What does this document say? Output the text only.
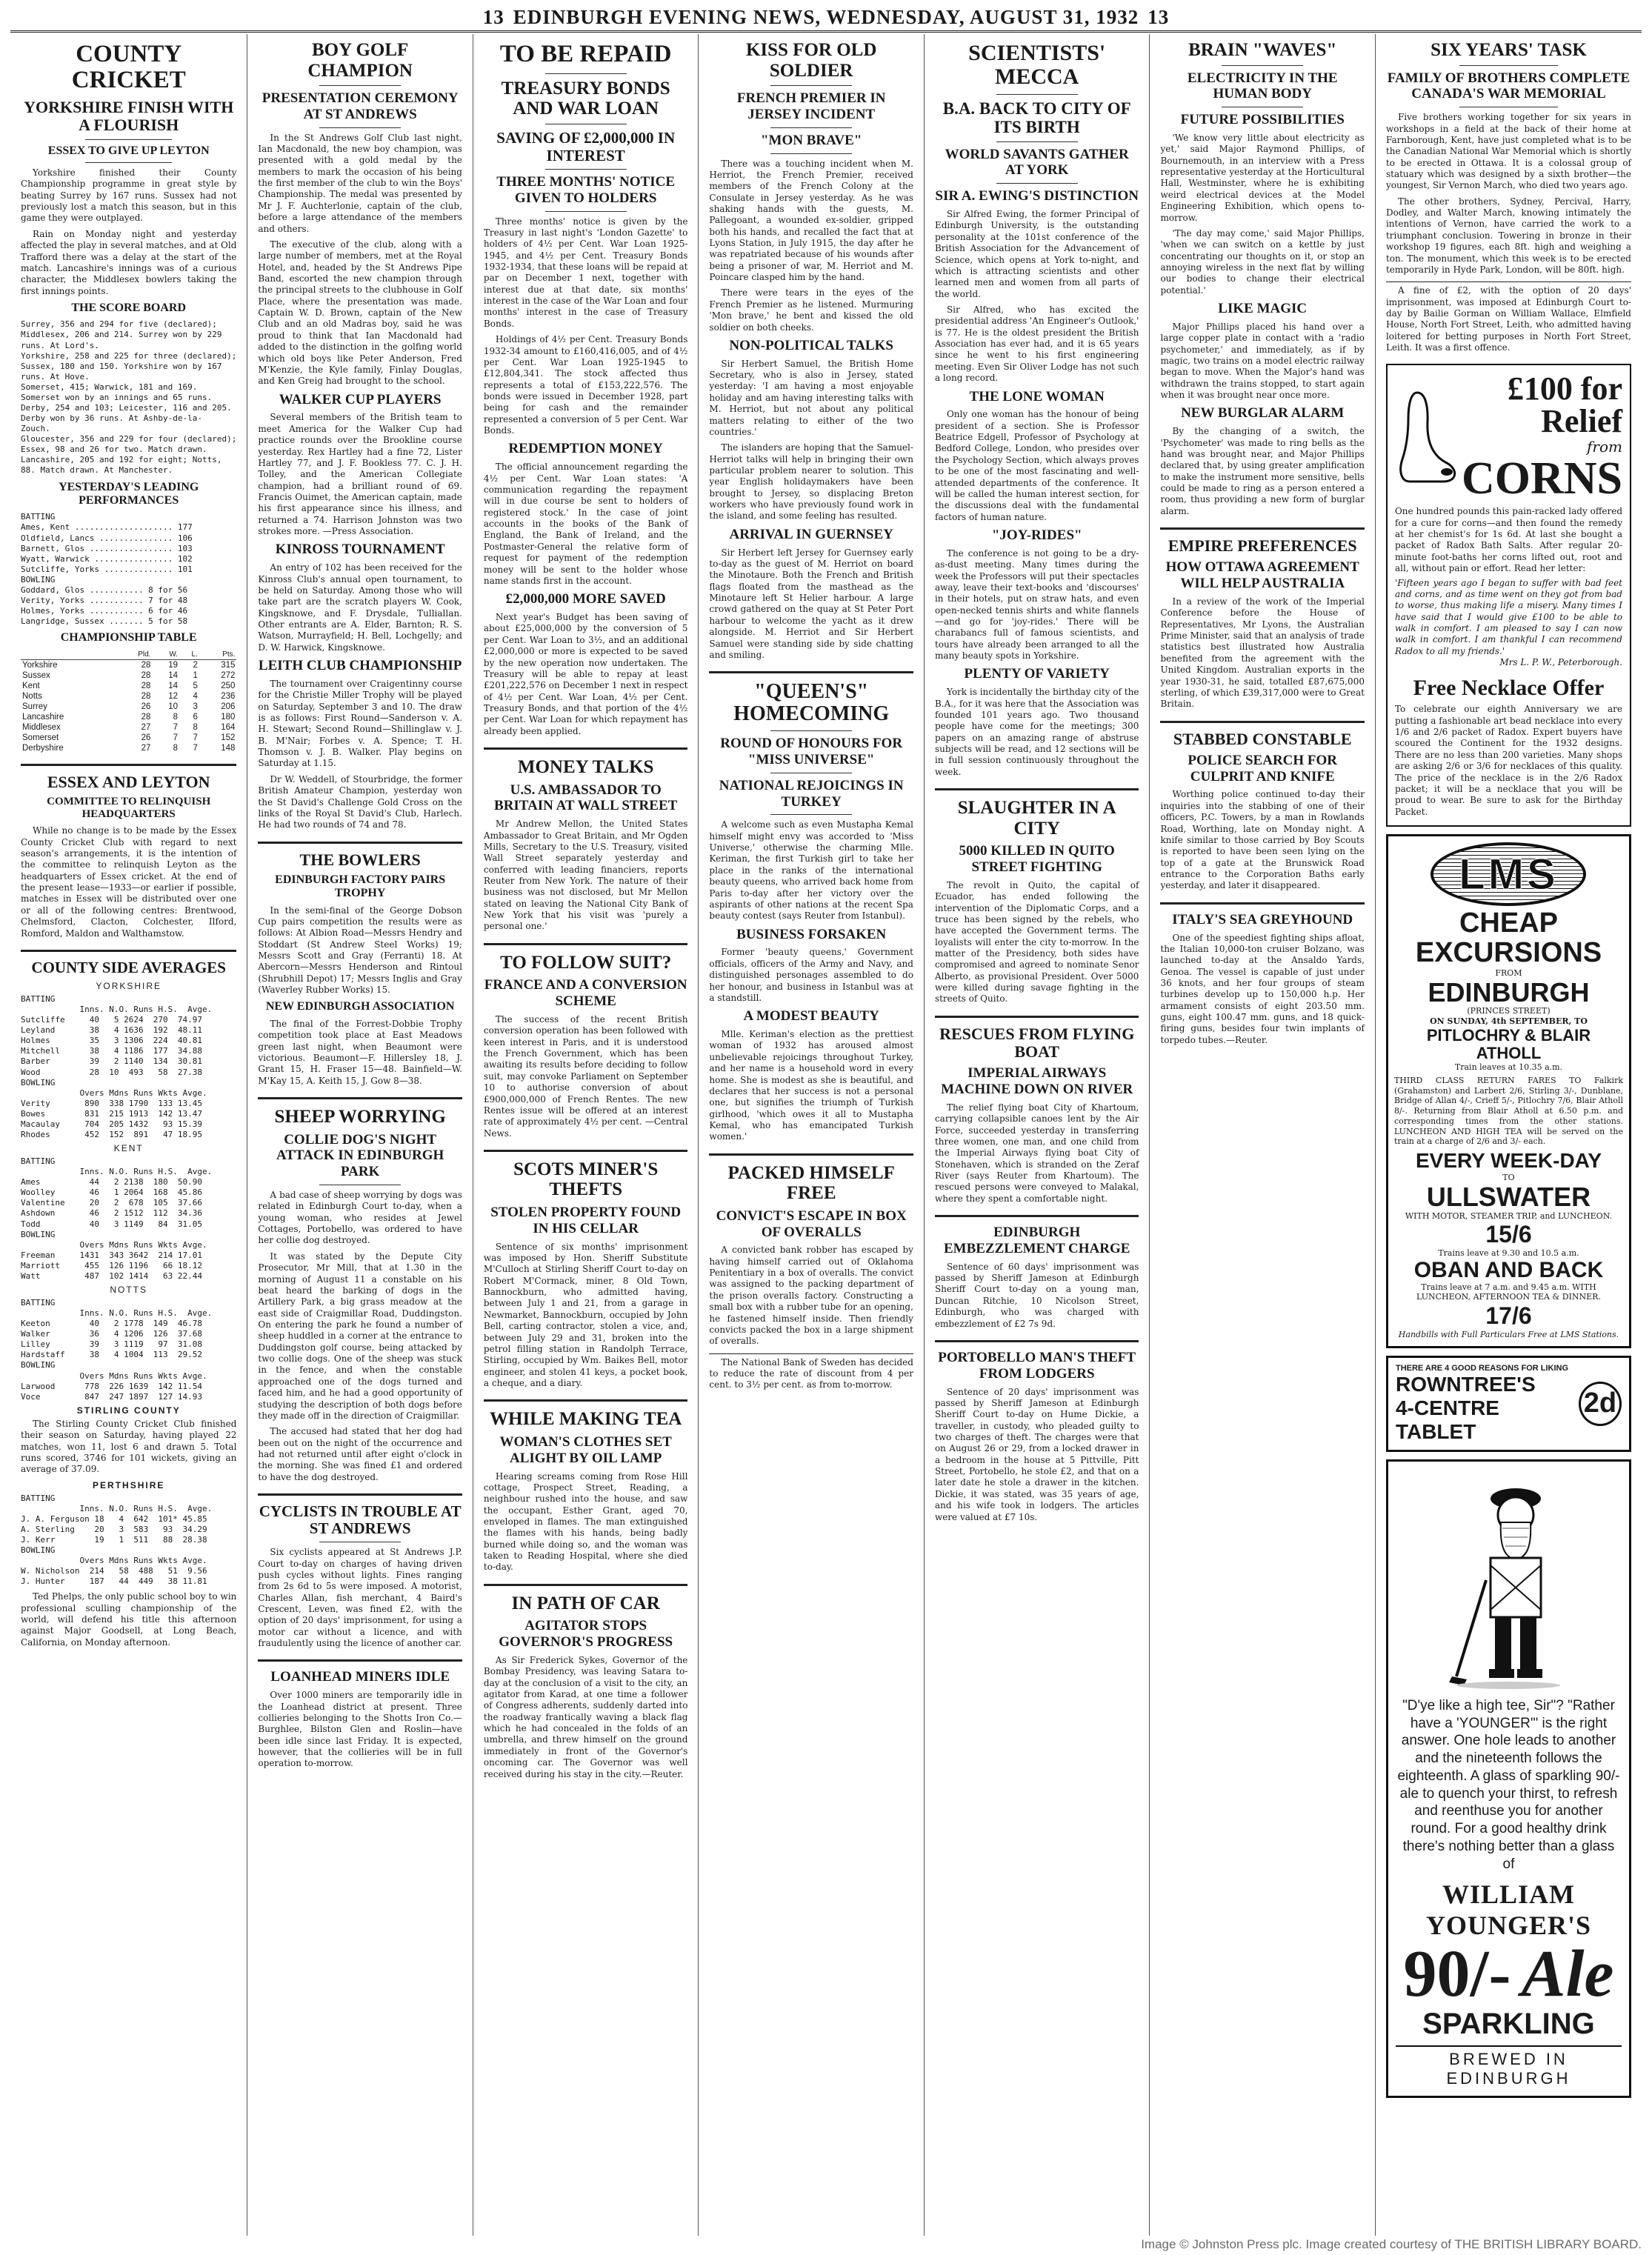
13 EDINBURGH EVENING NEWS, WEDNESDAY, AUGUST 31, 1932 13
COUNTY CRICKET
YORKSHIRE FINISH WITH A FLOURISH
ESSEX TO GIVE UP LEYTON

Yorkshire finished their County Championship programme in great style by beating Surrey by 167 runs. Sussex had not previously lost a match this season, but in this game they were outplayed.

Rain on Monday night and yesterday affected the play in several matches, and at Old Trafford there was a delay at the start of the match. Lancashire's innings was of a curious character, the Middlesex bowlers taking the first innings points.

THE SCORE BOARD
Surrey, 356 and 294 for five (declared);
Middlesex, 206 and 214. Surrey won by 229
runs. At Lord's.
Yorkshire, 258 and 225 for three (declared);
Sussex, 180 and 150. Yorkshire won by 167
runs. At Hove.
Somerset, 415; Warwick, 181 and 169.
Somerset won by an innings and 65 runs.
Derby, 254 and 103; Leicester, 116 and 205.
Derby won by 36 runs. At Ashby-de-la-
Zouch.
Gloucester, 356 and 229 for four (declared);
Essex, 98 and 26 for two. Match drawn.
Lancashire, 205 and 192 for eight; Notts,
88. Match drawn. At Manchester.
YESTERDAY'S LEADING PERFORMANCES
BATTING
Ames, Kent .................... 177
Oldfield, Lancs ............... 106
Barnett, Glos ................. 103
Wyatt, Warwick ................ 102
Sutcliffe, Yorks .............. 101
BOWLING
Goddard, Glos ........... 8 for 56
Verity, Yorks ........... 7 for 48
Holmes, Yorks ........... 6 for 46
Langridge, Sussex ....... 5 for 58
CHAMPIONSHIP TABLE
	Pld.	W.	L.	Pts.
Yorkshire	28	19	2	315
Sussex	28	14	1	272
Kent	28	14	5	250
Notts	28	12	4	236
Surrey	26	10	3	206
Lancashire	28	8	6	180
Middlesex	27	7	8	164
Somerset	26	7	7	152
Derbyshire	27	8	7	148
ESSEX AND LEYTON
COMMITTEE TO RELINQUISH HEADQUARTERS

While no change is to be made by the Essex County Cricket Club with regard to next season's arrangements, it is the intention of the committee to relinquish Leyton as the headquarters of Essex cricket. At the end of the present lease—1933—or earlier if possible, matches in Essex will be distributed over one or all of the following centres: Brentwood, Chelmsford, Clacton, Colchester, Ilford, Romford, Maldon and Walthamstow.

COUNTY SIDE AVERAGES
YORKSHIRE
BATTING
Inns. N.O. Runs H.S.  Avge.
Sutcliffe     40   5 2624  270  74.97
Leyland       38   4 1636  192  48.11
Holmes        35   3 1306  224  40.81
Mitchell      38   4 1186  177  34.88
Barber        39   2 1140  134  30.81
Wood          28  10  493   58  27.38
BOWLING
Overs Mdns Runs Wkts Avge.
Verity       890  338 1790  133 13.45
Bowes        831  215 1913  142 13.47
Macaulay     704  205 1432   93 15.39
Rhodes       452  152  891   47 18.95
KENT
BATTING
Inns. N.O. Runs H.S.  Avge.
Ames          44   2 2138  180  50.90
Woolley       46   1 2064  168  45.86
Valentine     20   2  678  105  37.66
Ashdown       46   2 1512  112  34.36
Todd          40   3 1149   84  31.05
BOWLING
Overs Mdns Runs Wkts Avge.
Freeman     1431  343 3642  214 17.01
Marriott     455  126 1196   66 18.12
Watt         487  102 1414   63 22.44
NOTTS
BATTING
Inns. N.O. Runs H.S.  Avge.
Keeton        40   2 1778  149  46.78
Walker        36   4 1206  126  37.68
Lilley        39   3 1119   97  31.08
Hardstaff     38   4 1004  113  29.52
BOWLING
Overs Mdns Runs Wkts Avge.
Larwood      778  226 1639  142 11.54
Voce         847  247 1897  127 14.93
STIRLING COUNTY

The Stirling County Cricket Club finished their season on Saturday, having played 22 matches, won 11, lost 6 and drawn 5. Total runs scored, 3746 for 101 wickets, giving an average of 37.09.

PERTHSHIRE
BATTING
Inns. N.O. Runs H.S.  Avge.
J. A. Ferguson 18   4  642  101* 45.85
A. Sterling    20   3  583   93  34.29
J. Kerr        19   1  511   88  28.38
BOWLING
Overs Mdns Runs Wkts Avge.
W. Nicholson  214   58  488   51  9.56
J. Hunter     187   44  449   38 11.81

Ted Phelps, the only public school boy to win professional sculling championship of the world, will defend his title this afternoon against Major Goodsell, at Long Beach, California, on Monday afternoon.

BOY GOLF CHAMPION
PRESENTATION CEREMONY AT ST ANDREWS

In the St Andrews Golf Club last night, Ian Macdonald, the new boy champion, was presented with a gold medal by the members to mark the occasion of his being the first member of the club to win the Boys' Championship. The medal was presented by Mr J. F. Auchterlonie, captain of the club, before a large attendance of the members and others.

The executive of the club, along with a large number of members, met at the Royal Hotel, and, headed by the St Andrews Pipe Band, escorted the new champion through the principal streets to the clubhouse in Golf Place, where the presentation was made. Captain W. D. Brown, captain of the New Club and an old Madras boy, said he was proud to think that Ian Macdonald had added to the distinction in the golfing world which old boys like Peter Anderson, Fred M'Kenzie, the Kyle family, Finlay Douglas, and Ken Greig had brought to the school.

WALKER CUP PLAYERS

Several members of the British team to meet America for the Walker Cup had practice rounds over the Brookline course yesterday. Rex Hartley had a fine 72, Lister Hartley 77, and J. F. Bookless 77. C. J. H. Tolley, and the American Collegiate champion, had a brilliant round of 69. Francis Ouimet, the American captain, made his first appearance since his illness, and returned a 74. Harrison Johnston was two strokes more. —Press Association.

KINROSS TOURNAMENT

An entry of 102 has been received for the Kinross Club's annual open tournament, to be held on Saturday. Among those who will take part are the scratch players W. Cook, Kingsknowe, and F. Drysdale, Tulliallan. Other entrants are A. Elder, Barnton; R. S. Watson, Murrayfield; H. Bell, Lochgelly; and D. W. Harwick, Kingsknowe.

LEITH CLUB CHAMPIONSHIP

The tournament over Craigentinny course for the Christie Miller Trophy will be played on Saturday, September 3 and 10. The draw is as follows: First Round—Sanderson v. A. H. Stewart; Second Round—Shillinglaw v. J. B. M'Nair; Forbes v. A. Spence; T. H. Thomson v. J. B. Walker. Play begins on Saturday at 1.15.

Dr W. Weddell, of Stourbridge, the former British Amateur Champion, yesterday won the St David's Challenge Gold Cross on the links of the Royal St David's Club, Harlech. He had two rounds of 74 and 78.

THE BOWLERS
EDINBURGH FACTORY PAIRS TROPHY

In the semi-final of the George Dobson Cup pairs competition the results were as follows: At Albion Road—Messrs Hendry and Stoddart (St Andrew Steel Works) 19; Messrs Scott and Gray (Ferranti) 18. At Abercorn—Messrs Henderson and Rintoul (Shrubhill Depot) 17; Messrs Inglis and Gray (Waverley Rubber Works) 15.

NEW EDINBURGH ASSOCIATION

The final of the Forrest-Dobbie Trophy competition took place at East Meadows green last night, when Beaumont were victorious. Beaumont—F. Hillersley 18, J. Grant 15, H. Fraser 15—48. Bainfield—W. M'Kay 15, A. Keith 15, J. Gow 8—38.

SHEEP WORRYING
COLLIE DOG'S NIGHT ATTACK IN EDINBURGH PARK

A bad case of sheep worrying by dogs was related in Edinburgh Court to-day, when a young woman, who resides at Jewel Cottages, Portobello, was ordered to have her collie dog destroyed.

It was stated by the Depute City Prosecutor, Mr Mill, that at 1.30 in the morning of August 11 a constable on his beat heard the barking of dogs in the Artillery Park, a big grass meadow at the east side of Craigmillar Road, Duddingston. On entering the park he found a number of sheep huddled in a corner at the entrance to Duddingston golf course, being attacked by two collie dogs. One of the sheep was stuck in the fence, and when the constable approached one of the dogs turned and faced him, and he had a good opportunity of studying the description of both dogs before they made off in the direction of Craigmillar.

The accused had stated that her dog had been out on the night of the occurrence and had not returned until after eight o'clock in the morning. She was fined £1 and ordered to have the dog destroyed.

CYCLISTS IN TROUBLE AT ST ANDREWS

Six cyclists appeared at St Andrews J.P. Court to-day on charges of having driven push cycles without lights. Fines ranging from 2s 6d to 5s were imposed. A motorist, Charles Allan, fish merchant, 4 Baird's Crescent, Leven, was fined £2, with the option of 20 days' imprisonment, for using a motor car without a licence, and with fraudulently using the licence of another car.

LOANHEAD MINERS IDLE

Over 1000 miners are temporarily idle in the Loanhead district at present. Three collieries belonging to the Shotts Iron Co.—Burghlee, Bilston Glen and Roslin—have been idle since last Friday. It is expected, however, that the collieries will be in full operation to-morrow.

TO BE REPAID
TREASURY BONDS AND WAR LOAN
SAVING OF £2,000,000 IN INTEREST
THREE MONTHS' NOTICE GIVEN TO HOLDERS

Three months' notice is given by the Treasury in last night's 'London Gazette' to holders of 4½ per Cent. War Loan 1925-1945, and 4½ per Cent. Treasury Bonds 1932-1934, that these loans will be repaid at par on December 1 next, together with interest due at that date, six months' interest in the case of the War Loan and four months' interest in the case of Treasury Bonds.

Holdings of 4½ per Cent. Treasury Bonds 1932-34 amount to £160,416,005, and of 4½ per Cent. War Loan 1925-1945 to £12,804,341. The stock affected thus represents a total of £153,222,576. The bonds were issued in December 1928, part being for cash and the remainder represented a conversion of 5 per Cent. War Bonds.

REDEMPTION MONEY

The official announcement regarding the 4½ per Cent. War Loan states: 'A communication regarding the repayment will in due course be sent to holders of registered stock.' In the case of joint accounts in the books of the Bank of England, the Bank of Ireland, and the Postmaster-General the relative form of request for payment of the redemption money will be sent to the holder whose name stands first in the account.

£2,000,000 MORE SAVED

Next year's Budget has been saving of about £25,000,000 by the conversion of 5 per Cent. War Loan to 3½, and an additional £2,000,000 or more is expected to be saved by the new operation now undertaken. The Treasury will be able to repay at least £201,222,576 on December 1 next in respect of 4½ per Cent. War Loan, 4½ per Cent. Treasury Bonds, and that portion of the 4½ per Cent. War Loan for which repayment has already been applied.

MONEY TALKS
U.S. AMBASSADOR TO BRITAIN AT WALL STREET

Mr Andrew Mellon, the United States Ambassador to Great Britain, and Mr Ogden Mills, Secretary to the U.S. Treasury, visited Wall Street separately yesterday and conferred with leading financiers, reports Reuter from New York. The nature of their business was not disclosed, but Mr Mellon stated on leaving the National City Bank of New York that his visit was 'purely a personal one.'

TO FOLLOW SUIT?
FRANCE AND A CONVERSION SCHEME

The success of the recent British conversion operation has been followed with keen interest in Paris, and it is understood the French Government, which has been awaiting its results before deciding to follow suit, may convoke Parliament on September 10 to authorise conversion of about £900,000,000 of French Rentes. The new Rentes issue will be offered at an interest rate of approximately 4½ per cent. —Central News.

SCOTS MINER'S THEFTS
STOLEN PROPERTY FOUND IN HIS CELLAR

Sentence of six months' imprisonment was imposed by Hon. Sheriff Substitute M'Culloch at Stirling Sheriff Court to-day on Robert M'Cormack, miner, 8 Old Town, Bannockburn, who admitted having, between July 1 and 21, from a garage in Newmarket, Bannockburn, occupied by John Bell, carting contractor, stolen a vice, and, between July 29 and 31, broken into the petrol filling station in Randolph Terrace, Stirling, occupied by Wm. Baikes Bell, motor engineer, and stolen 41 keys, a pocket book, a cheque, and a diary.

WHILE MAKING TEA
WOMAN'S CLOTHES SET ALIGHT BY OIL LAMP

Hearing screams coming from Rose Hill cottage, Prospect Street, Reading, a neighbour rushed into the house, and saw the occupant, Esther Grant, aged 70, enveloped in flames. The man extinguished the flames with his hands, being badly burned while doing so, and the woman was taken to Reading Hospital, where she died to-day.

IN PATH OF CAR
AGITATOR STOPS GOVERNOR'S PROGRESS

As Sir Frederick Sykes, Governor of the Bombay Presidency, was leaving Satara to-day at the conclusion of a visit to the city, an agitator from Karad, at one time a follower of Congress adherents, suddenly darted into the roadway frantically waving a black flag which he had concealed in the folds of an umbrella, and threw himself on the ground immediately in front of the Governor's oncoming car. The Governor was well received during his stay in the city.—Reuter.

KISS FOR OLD SOLDIER
FRENCH PREMIER IN JERSEY INCIDENT
"MON BRAVE"

There was a touching incident when M. Herriot, the French Premier, received members of the French Colony at the Consulate in Jersey yesterday. As he was shaking hands with the guests, M. Pallegoant, a wounded ex-soldier, gripped both his hands, and recalled the fact that at Lyons Station, in July 1915, the day after he was repatriated because of his wounds after being a prisoner of war, M. Herriot and M. Poincare clasped him by the hand.

There were tears in the eyes of the French Premier as he listened. Murmuring 'Mon brave,' he bent and kissed the old soldier on both cheeks.

NON-POLITICAL TALKS

Sir Herbert Samuel, the British Home Secretary, who is also in Jersey, stated yesterday: 'I am having a most enjoyable holiday and am having interesting talks with M. Herriot, but not about any political matters relating to either of the two countries.'

The islanders are hoping that the Samuel-Herriot talks will help in bringing their own particular problem nearer to solution. This year English holidaymakers have been brought to Jersey, so displacing Breton workers who have previously found work in the island, and some feeling has resulted.

ARRIVAL IN GUERNSEY

Sir Herbert left Jersey for Guernsey early to-day as the guest of M. Herriot on board the Minotaure. Both the French and British flags floated from the masthead as the Minotaure left St Helier harbour. A large crowd gathered on the quay at St Peter Port harbour to welcome the yacht as it drew alongside. M. Herriot and Sir Herbert Samuel were standing side by side chatting and smiling.

"QUEEN'S" HOMECOMING
ROUND OF HONOURS FOR "MISS UNIVERSE"
NATIONAL REJOICINGS IN TURKEY

A welcome such as even Mustapha Kemal himself might envy was accorded to 'Miss Universe,' otherwise the charming Mlle. Keriman, the first Turkish girl to take her place in the ranks of the international beauty queens, who arrived back home from Paris to-day after her victory over the aspirants of other nations at the recent Spa beauty contest (says Reuter from Istanbul).

BUSINESS FORSAKEN

Former 'beauty queens,' Government officials, officers of the Army and Navy, and distinguished personages assembled to do her honour, and business in Istanbul was at a standstill.

A MODEST BEAUTY

Mlle. Keriman's election as the prettiest woman of 1932 has aroused almost unbelievable rejoicings throughout Turkey, and her name is a household word in every home. She is modest as she is beautiful, and declares that her success is not a personal one, but signifies the triumph of Turkish girlhood, 'which owes it all to Mustapha Kemal, who has emancipated Turkish women.'

PACKED HIMSELF FREE
CONVICT'S ESCAPE IN BOX OF OVERALLS

A convicted bank robber has escaped by having himself carried out of Oklahoma Penitentiary in a box of overalls. The convict was assigned to the packing department of the prison overalls factory. Constructing a small box with a rubber tube for an opening, he fastened himself inside. Then friendly convicts packed the box in a large shipment of overalls.

The National Bank of Sweden has decided to reduce the rate of discount from 4 per cent. to 3½ per cent. as from to-morrow.

SCIENTISTS' MECCA
B.A. BACK TO CITY OF ITS BIRTH
WORLD SAVANTS GATHER AT YORK
SIR A. EWING'S DISTINCTION

Sir Alfred Ewing, the former Principal of Edinburgh University, is the outstanding personality at the 101st conference of the British Association for the Advancement of Science, which opens at York to-night, and which is attracting scientists and other learned men and women from all parts of the world.

Sir Alfred, who has excited the presidential address 'An Engineer's Outlook,' is 77. He is the oldest president the British Association has ever had, and it is 65 years since he went to his first engineering meeting. Even Sir Oliver Lodge has not such a long record.

THE LONE WOMAN

Only one woman has the honour of being president of a section. She is Professor Beatrice Edgell, Professor of Psychology at Bedford College, London, who presides over the Psychology Section, which always proves to be one of the most fascinating and well-attended departments of the conference. It will be called the human interest section, for the discussions deal with the fundamental factors of human nature.

"JOY-RIDES"

The conference is not going to be a dry-as-dust meeting. Many times during the week the Professors will put their spectacles away, leave their text-books and 'discourses' in their hotels, put on straw hats, and even open-necked tennis shirts and white flannels —and go for 'joy-rides.' There will be charabancs full of famous scientists, and tours have already been arranged to all the many beauty spots in Yorkshire.

PLENTY OF VARIETY

York is incidentally the birthday city of the B.A., for it was here that the Association was founded 101 years ago. Two thousand people have come for the meetings; 300 papers on an amazing range of abstruse subjects will be read, and 12 sections will be in full session continuously throughout the week.

SLAUGHTER IN A CITY
5000 KILLED IN QUITO STREET FIGHTING

The revolt in Quito, the capital of Ecuador, has ended following the intervention of the Diplomatic Corps, and a truce has been signed by the rebels, who have accepted the Government terms. The loyalists will enter the city to-morrow. In the matter of the Presidency, both sides have compromised and agreed to nominate Senor Alberto, as provisional President. Over 5000 were killed during savage fighting in the streets of Quito.

RESCUES FROM FLYING BOAT
IMPERIAL AIRWAYS MACHINE DOWN ON RIVER

The relief flying boat City of Khartoum, carrying collapsible canoes lent by the Air Force, succeeded yesterday in transferring three women, one man, and one child from the Imperial Airways flying boat City of Stonehaven, which is stranded on the Zeraf River (says Reuter from Khartoum). The rescued persons were conveyed to Malakal, where they spent a comfortable night.

EDINBURGH EMBEZZLEMENT CHARGE

Sentence of 60 days' imprisonment was passed by Sheriff Jameson at Edinburgh Sheriff Court to-day on a young man, Duncan Ritchie, 10 Nicolson Street, Edinburgh, who was charged with embezzlement of £2 7s 9d.

PORTOBELLO MAN'S THEFT FROM LODGERS

Sentence of 20 days' imprisonment was passed by Sheriff Jameson at Edinburgh Sheriff Court to-day on Hume Dickie, a traveller, in custody, who pleaded guilty to two charges of theft. The charges were that on August 26 or 29, from a locked drawer in a bedroom in the house at 5 Pittville, Pitt Street, Portobello, he stole £2, and that on a later date he stole a drawer in the kitchen. Dickie, it was stated, was 35 years of age, and his wife took in lodgers. The articles were valued at £7 10s.

BRAIN "WAVES"
ELECTRICITY IN THE HUMAN BODY
FUTURE POSSIBILITIES

'We know very little about electricity as yet,' said Major Raymond Phillips, of Bournemouth, in an interview with a Press representative yesterday at the Horticultural Hall, Westminster, where he is exhibiting weird electrical devices at the Model Engineering Exhibition, which opens to-morrow.

'The day may come,' said Major Phillips, 'when we can switch on a kettle by just concentrating our thoughts on it, or stop an annoying wireless in the next flat by willing our bodies to change their electrical potential.'

LIKE MAGIC

Major Phillips placed his hand over a large copper plate in contact with a 'radio psychometer,' and immediately, as if by magic, two trains on a model electric railway began to move. When the Major's hand was withdrawn the trains stopped, to start again when it was brought near once more.

NEW BURGLAR ALARM

By the changing of a switch, the 'Psychometer' was made to ring bells as the hand was brought near, and Major Phillips declared that, by using greater amplification to make the instrument more sensitive, bells could be made to ring as a person entered a room, thus providing a new form of burglar alarm.

EMPIRE PREFERENCES
HOW OTTAWA AGREEMENT WILL HELP AUSTRALIA

In a review of the work of the Imperial Conference before the House of Representatives, Mr Lyons, the Australian Prime Minister, said that an analysis of trade statistics best illustrated how Australia benefited from the agreement with the United Kingdom. Australian exports in the year 1930-31, he said, totalled £87,675,000 sterling, of which £39,317,000 were to Great Britain.

STABBED CONSTABLE
POLICE SEARCH FOR CULPRIT AND KNIFE

Worthing police continued to-day their inquiries into the stabbing of one of their officers, P.C. Towers, by a man in Rowlands Road, Worthing, late on Monday night. A knife similar to those carried by Boy Scouts is reported to have been seen lying on the top of a gate at the Brunswick Road entrance to the Corporation Baths early yesterday, and later it disappeared.

ITALY'S SEA GREYHOUND

One of the speediest fighting ships afloat, the Italian 10,000-ton cruiser Bolzano, was launched to-day at the Ansaldo Yards, Genoa. The vessel is capable of just under 36 knots, and her four groups of steam turbines develop up to 150,000 h.p. Her armament consists of eight 203.50 mm. guns, eight 100.47 mm. guns, and 18 quick-firing guns, besides four twin implants of torpedo tubes.—Reuter.

SIX YEARS' TASK
FAMILY OF BROTHERS COMPLETE CANADA'S WAR MEMORIAL

Five brothers working together for six years in workshops in a field at the back of their home at Farnborough, Kent, have just completed what is to be the Canadian National War Memorial which is shortly to be erected in Ottawa. It is a colossal group of statuary which was designed by a sixth brother—the youngest, Sir Vernon March, who died two years ago.

The other brothers, Sydney, Percival, Harry, Dodley, and Walter March, knowing intimately the intentions of Vernon, have carried the work to a triumphant conclusion. Towering in bronze in their workshop 19 figures, each 8ft. high and weighing a ton. The monument, which this week is to be erected temporarily in Hyde Park, London, will be 80ft. high.

A fine of £2, with the option of 20 days' imprisonment, was imposed at Edinburgh Court to-day by Bailie Gorman on William Wallace, Elmfield House, North Fort Street, Leith, who admitted having loitered for betting purposes in North Fort Street, Leith. It was a first offence.

£100 for Relief
from
CORNS

One hundred pounds this pain-racked lady offered for a cure for corns—and then found the remedy at her chemist's for 1s 6d. At last she bought a packet of Radox Bath Salts. After regular 20-minute foot-baths her corns lifted out, root and all, without pain or effort. Read her letter:

'Fifteen years ago I began to suffer with bad feet and corns, and as time went on they got from bad to worse, thus making life a misery. Many times I have said that I would give £100 to be able to walk in comfort. I am pleased to say I can now walk in comfort. I am thankful I can recommend Radox to all my friends.'

Mrs L. P. W., Peterborough.

Free Necklace Offer

To celebrate our eighth Anniversary we are putting a fashionable art bead necklace into every 1/6 and 2/6 packet of Radox. Expert buyers have scoured the Continent for the 1932 designs. There are no less than 200 varieties. Many shops are asking 2/6 or 3/6 for necklaces of this quality. The price of the necklace is in the 2/6 Radox packet; it will be a necklace that you will be proud to wear. Be sure to ask for the Birthday Packet.

LMS
CHEAP EXCURSIONS
FROM
EDINBURGH
(PRINCES STREET)
ON SUNDAY, 4th SEPTEMBER, TO
PITLOCHRY & BLAIR ATHOLL
Train leaves at 10.35 a.m.
THIRD CLASS RETURN FARES TO Falkirk (Grahamston) and Larbert 2/6, Stirling 3/-, Dunblane, Bridge of Allan 4/-, Crieff 5/-, Pitlochry 7/6, Blair Atholl 8/-. Returning from Blair Atholl at 6.50 p.m. and corresponding times from the other stations. LUNCHEON AND HIGH TEA will be served on the train at a charge of 2/6 and 3/- each.
EVERY WEEK-DAY
TO
ULLSWATER
WITH MOTOR, STEAMER TRIP, and LUNCHEON.
15/6
Trains leave at 9.30 and 10.5 a.m.
OBAN AND BACK
Trains leave at 7 a.m. and 9.45 a.m. WITH LUNCHEON, AFTERNOON TEA & DINNER.
17/6
Handbills with Full Particulars Free at LMS Stations.
THERE ARE 4 GOOD REASONS FOR LIKING
ROWNTREE'S
4-CENTRE TABLET
2d
"D'ye like a high tee, Sir"? "Rather have a 'YOUNGER'" is the right answer. One hole leads to another and the nineteenth follows the eighteenth. A glass of sparkling 90/- ale to quench your thirst, to refresh and reenthuse you for another round. For a good healthy drink there's nothing better than a glass of
WILLIAM YOUNGER'S
90/- Ale
SPARKLING
BREWED IN EDINBURGH
Image © Johnston Press plc. Image created courtesy of THE BRITISH LIBRARY BOARD.
